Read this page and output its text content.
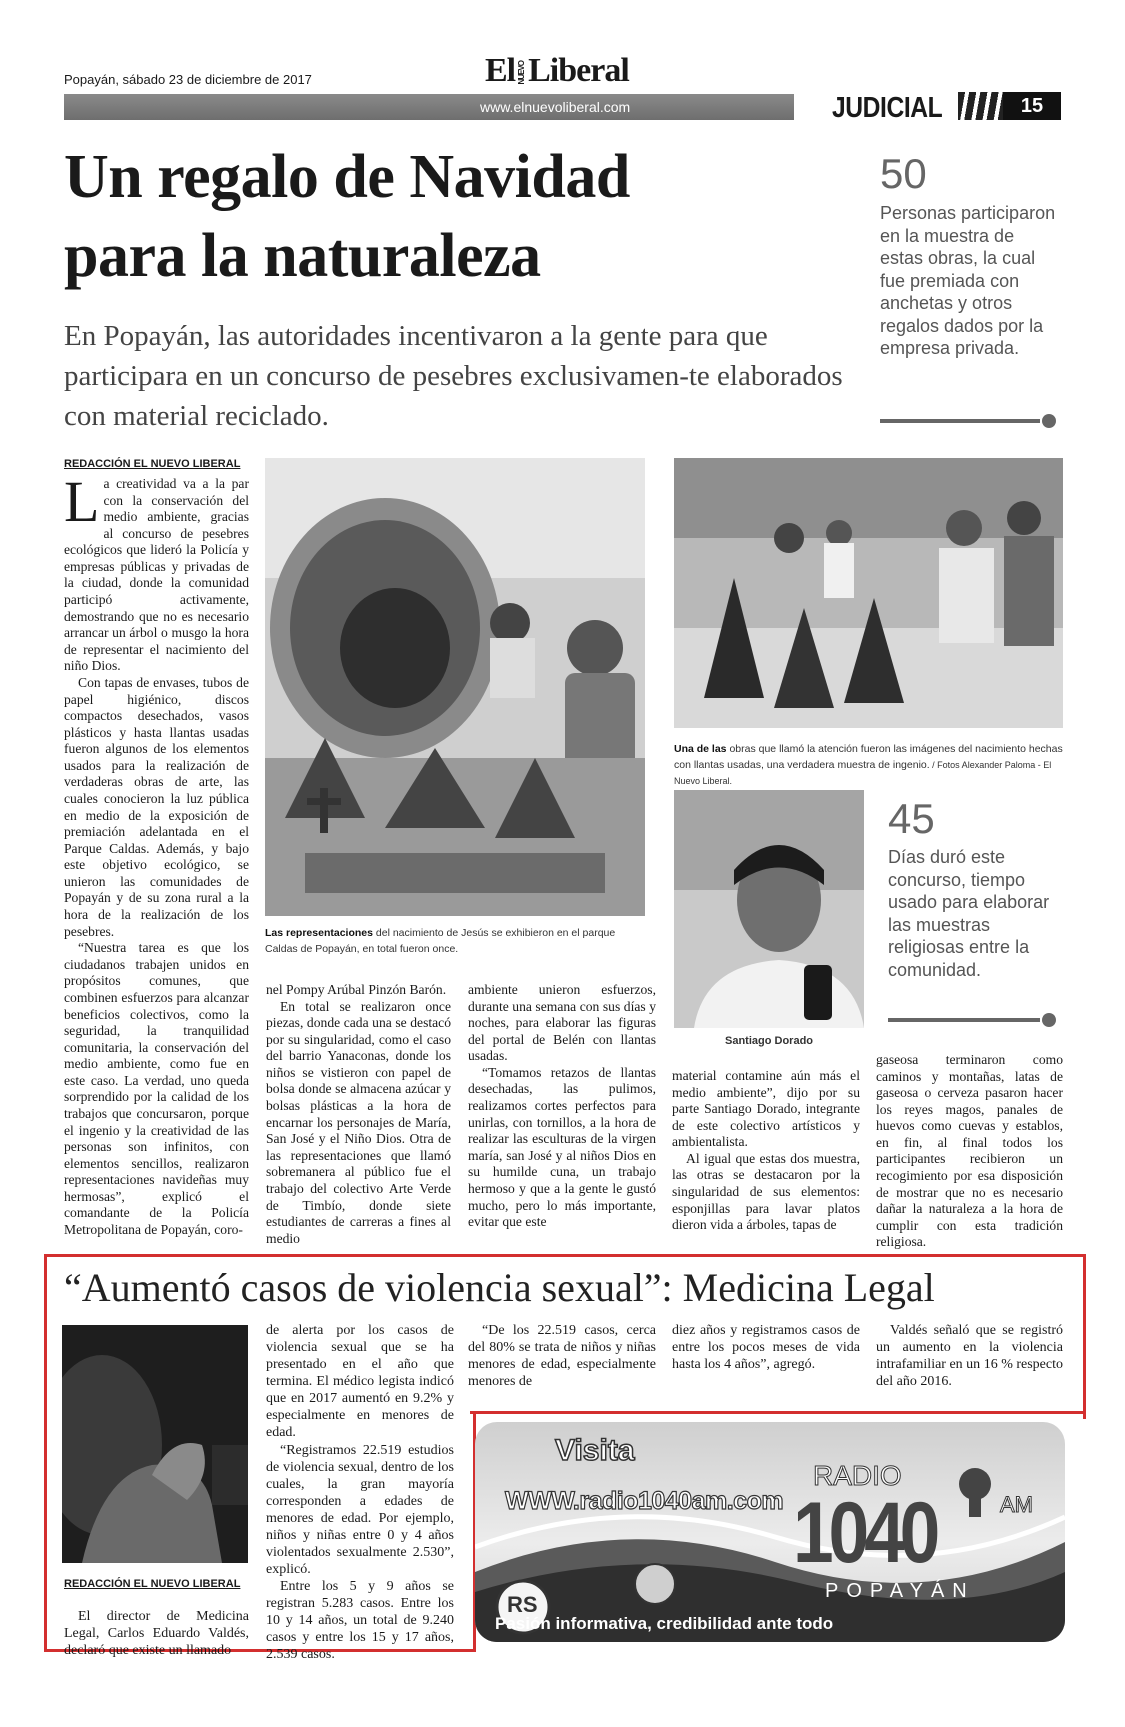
Popayán, sábado 23 de diciembre de 2017	El NUEVOLiberal
www.elnuevoliberal.com	JUDICIAL	15
Un regalo de Navidad
para la naturaleza
En Popayán, las autoridades incentivaron a la gente para que participara en un concurso de pesebres exclusivamen-te elaborados con material reciclado.
50
Personas participaron en la muestra de estas obras, la cual fue premiada con anchetas y otros regalos dados por la empresa privada.
REDACCIÓN EL NUEVO LIBERAL

La creatividad va a la par con la conservación del medio ambiente, gracias al concurso de pesebres ecológicos que lideró la Policía y empresas públicas y privadas de la ciudad, donde la comunidad participó activamente, demostrando que no es necesario arrancar un árbol o musgo la hora de representar el nacimiento del niño Dios.

Con tapas de envases, tubos de papel higiénico, discos compactos desechados, vasos plásticos y hasta llantas usadas fueron algunos de los elementos usados para la realización de verdaderas obras de arte, las cuales conocieron la luz pública en medio de la exposición de premiación adelantada en el Parque Caldas. Además, y bajo este objetivo ecológico, se unieron las comunidades de Popayán y de su zona rural a la hora de la realización de los pesebres.

“Nuestra tarea es que los ciudadanos trabajen unidos en propósitos comunes, que combinen esfuerzos para alcanzar beneficios colectivos, como la seguridad, la tranquilidad comunitaria, la conservación del medio ambiente, como fue en este caso. La verdad, uno queda sorprendido por la calidad de los trabajos que concursaron, porque el ingenio y la creatividad de las personas son infinitos, con elementos sencillos, realizaron representaciones navideñas muy hermosas”, explicó el comandante de la Policía Metropolitana de Popayán, coro-

Las representaciones del nacimiento de Jesús se exhibieron en el parque Caldas de Popayán, en total fueron once.
Una de las obras que llamó la atención fueron las imágenes del nacimiento hechas con llantas usadas, una verdadera muestra de ingenio. / Fotos Alexander Paloma - El Nuevo Liberal.
Santiago Dorado
45
Días duró este concurso, tiempo usado para elaborar las muestras religiosas entre la comunidad.

nel Pompy Arúbal Pinzón Barón.

En total se realizaron once piezas, donde cada una se destacó por su singularidad, como el caso del barrio Yanaconas, donde los niños se vistieron con papel de bolsa donde se almacena azúcar y bolsas plásticas a la hora de encarnar los personajes de María, San José y el Niño Dios. Otra de las representaciones que llamó sobremanera al público fue el trabajo del colectivo Arte Verde de Timbío, donde siete estudiantes de carreras a fines al medio

ambiente unieron esfuerzos, durante una semana con sus días y noches, para elaborar las figuras del portal de Belén con llantas usadas.

“Tomamos retazos de llantas desechadas, las pulimos, realizamos cortes perfectos para unirlas, con tornillos, a la hora de realizar las esculturas de la virgen maría, san José y al niños Dios en su humilde cuna, un trabajo hermoso y que a la gente le gustó mucho, pero lo más importante, evitar que este

material contamine aún más el medio ambiente”, dijo por su parte Santiago Dorado, integrante de este colectivo artísticos y ambientalista.

Al igual que estas dos muestra, las otras se destacaron por la singularidad de sus elementos: esponjillas para lavar platos dieron vida a árboles, tapas de

gaseosa terminaron como caminos y montañas, latas de gaseosa o cerveza pasaron hacer los reyes magos, panales de huevos como cuevas y establos, en fin, al final todos los participantes recibieron un recogimiento por esa disposición de mostrar que no es necesario dañar la naturaleza a la hora de cumplir con esta tradición religiosa.

“Aumentó casos de violencia sexual”: Medicina Legal
REDACCIÓN EL NUEVO LIBERAL

El director de Medicina Legal, Carlos Eduardo Valdés, declaró que existe un llamado

de alerta por los casos de violencia sexual que se ha presentado en el año que termina. El médico legista indicó que en 2017 aumentó en 9.2% y especialmente en menores de edad.

“Registramos 22.519 estudios de violencia sexual, dentro de los cuales, la gran mayoría corresponden a edades de menores de edad. Por ejemplo, niños y niñas entre 0 y 4 años violentados sexualmente 2.530”, explicó.

Entre los 5 y 9 años se registran 5.283 casos. Entre los 10 y 14 años, un total de 9.240 casos y entre los 15 y 17 años, 2.539 casos.

“De los 22.519 casos, cerca del 80% se trata de niños y niñas menores de edad, especialmente menores de

diez años y registramos casos de entre los pocos meses de vida hasta los 4 años”, agregó.

Valdés señaló que se registró un aumento en la violencia intrafamiliar en un 16 % respecto del año 2016.

Visita
WWW.radio1040am.com
RADIO
1040	AM
POPAYÁN
RS
Pasión informativa, credibilidad ante todo
